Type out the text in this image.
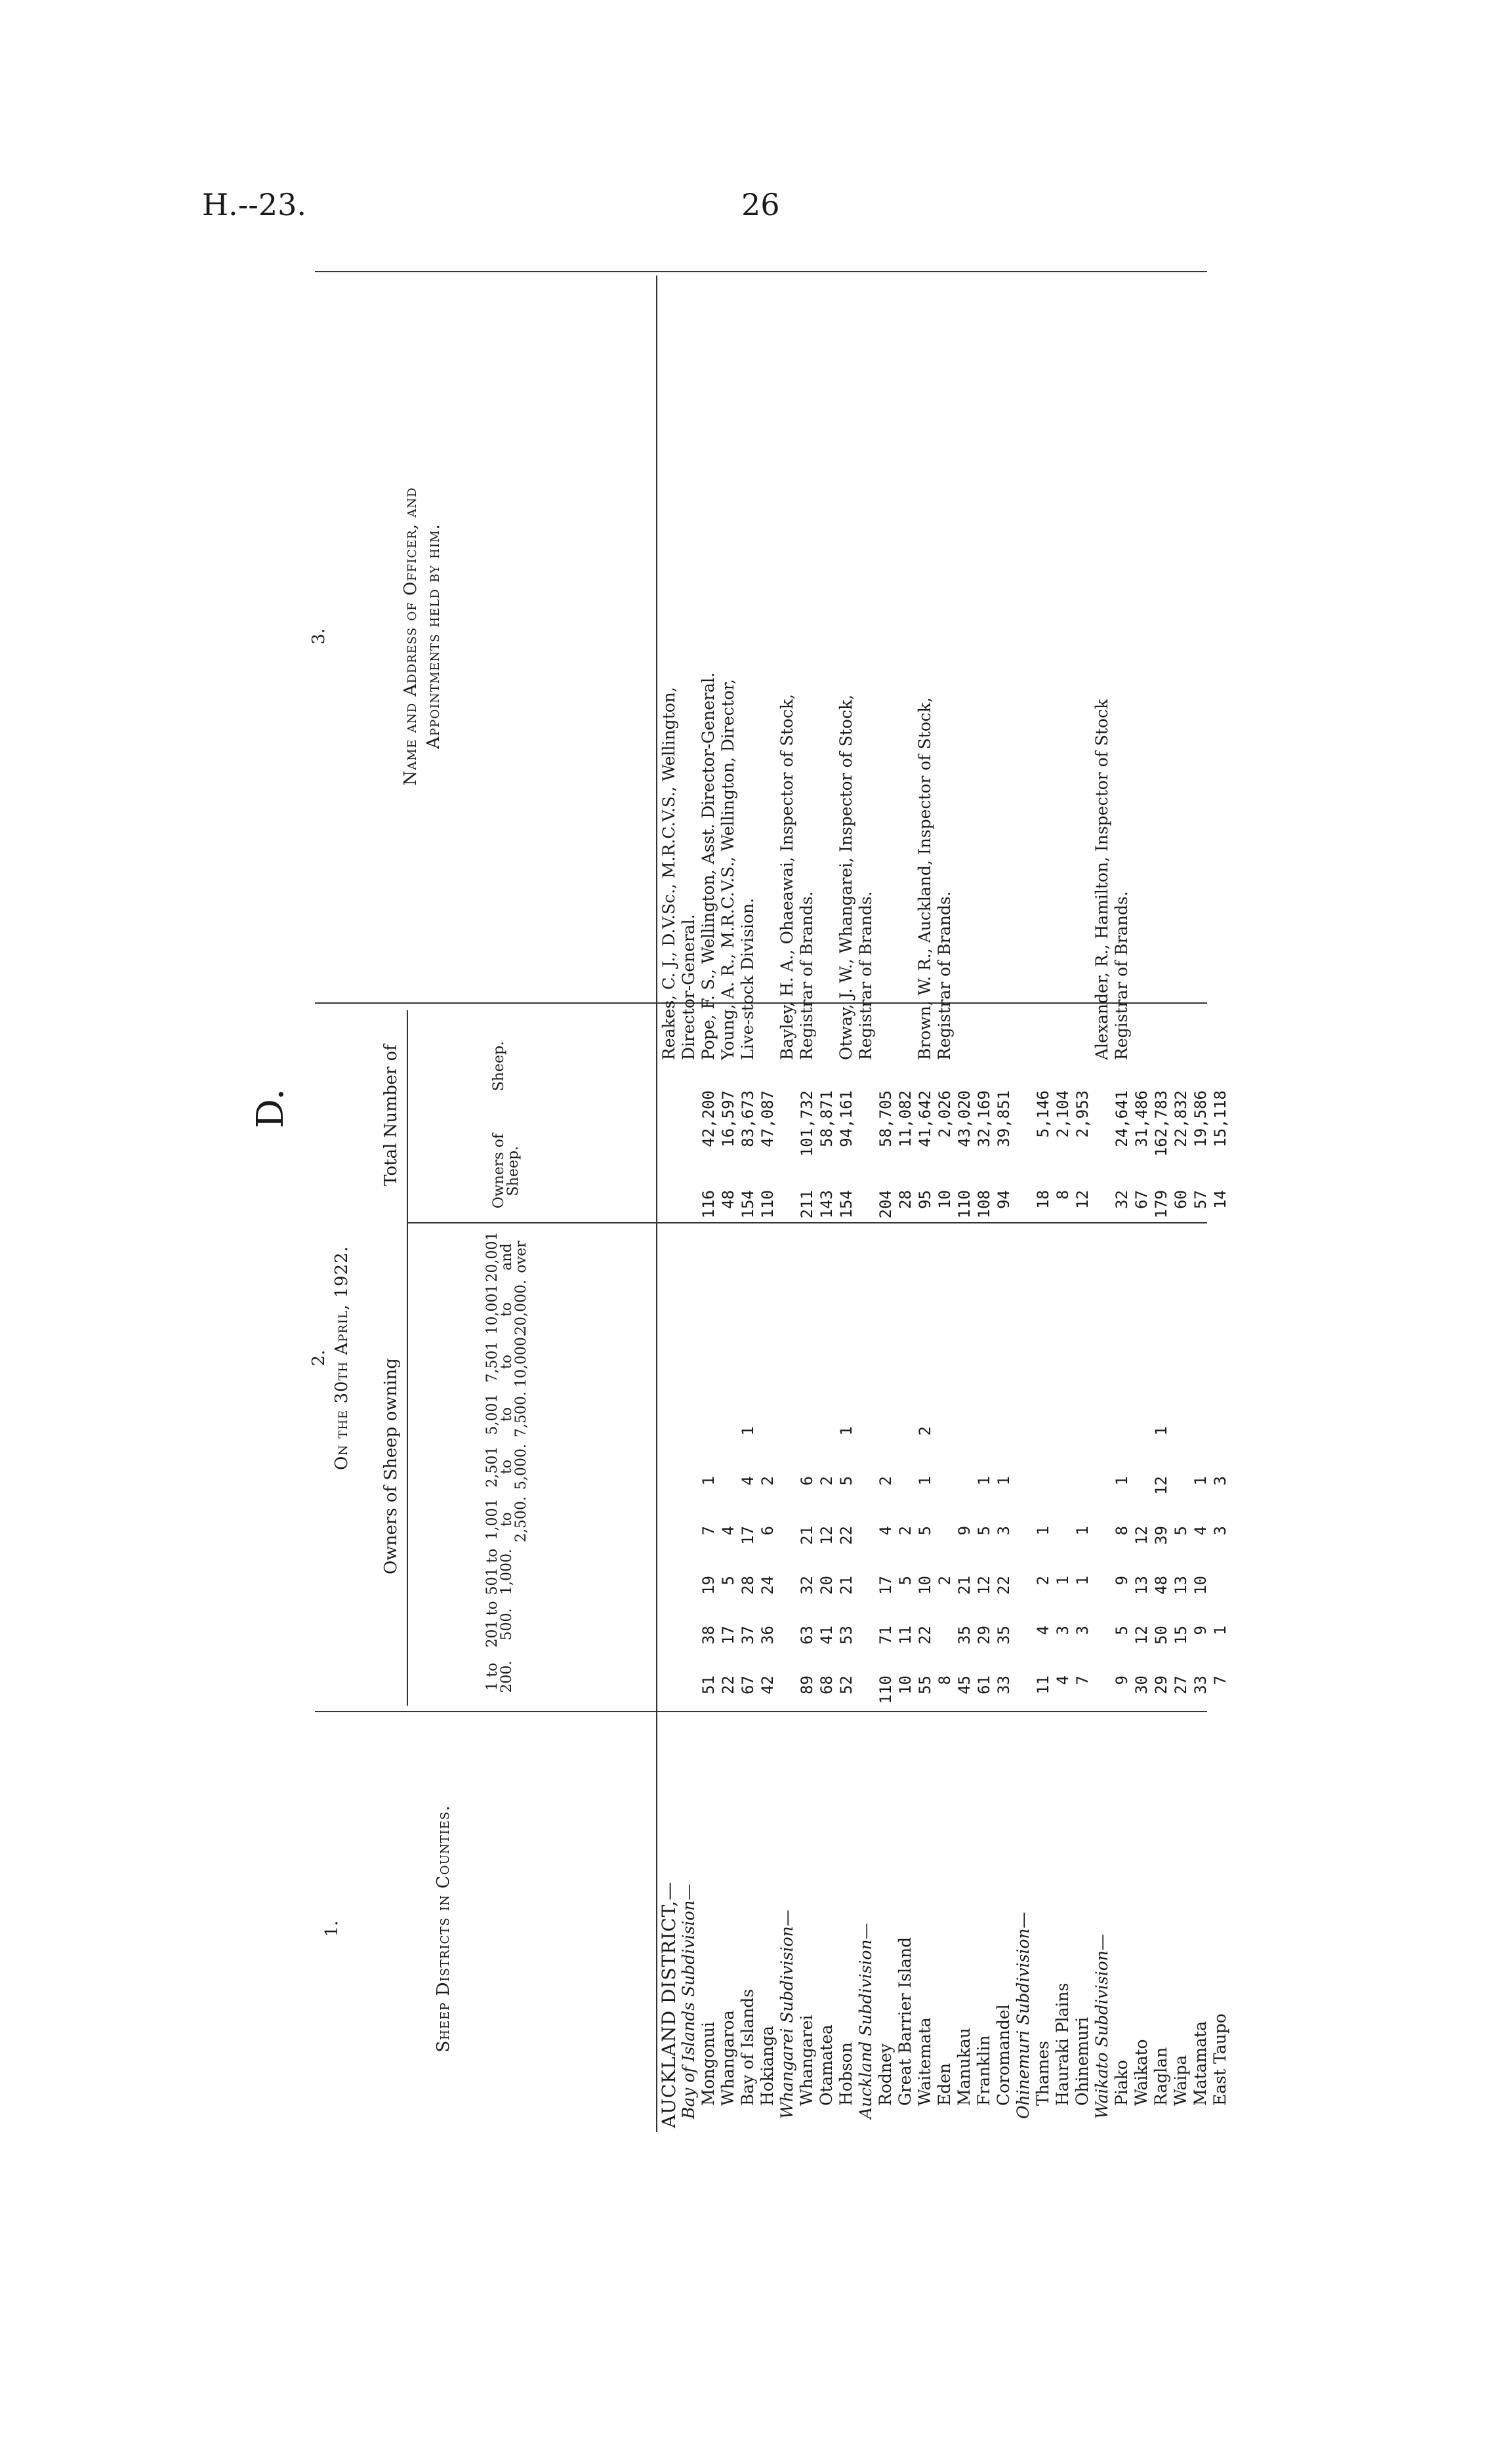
H.--23.	26
D.
1.	Sheep Districts in Counties.
2. On the 30th April, 1922. Owners of Sheep owning
Total Number of
3.	Name and Address of Officer, and Appointments held by him.
1 to 200.
201 to 500.
501 to 1,000.
1,001 to 2,500.
2,501 to 5,000.
5,001 to 7,500.
7,501 to 10,000.
10,001 to 20,000.
20,001 and over
Owners of Sheep.
Sheep.
AUCKLAND DISTRICT,—												Reakes, C. J., D.V.Sc., M.R.C.V.S., Wellington,
Bay of Islands Subdivision—												Director-General.
Mongonui	51	38	19	7	1					116	42,200	Pope, F. S., Wellington, Asst. Director-General.
Whangaroa	22	17	5	4						48	16,597	Young, A. R., M.R.C.V.S., Wellington, Director,
Bay of Islands	67	37	28	17	4	1				154	83,673	Live-stock Division.
Hokianga	42	36	24	6	2					110	47,087	
Whangarei Subdivision—												Bayley, H. A., Ohaeawai, Inspector of Stock,
Whangarei	89	63	32	21	6					211	101,732	Registrar of Brands.
Otamatea	68	41	20	12	2					143	58,871	
Hobson	52	53	21	22	5	1				154	94,161	Otway, J. W., Whangarei, Inspector of Stock,
Auckland Subdivision—												Registrar of Brands.
Rodney	110	71	17	4	2					204	58,705	
Great Barrier Island	10	11	5	2						28	11,082	
Waitemata	55	22	10	5	1	2				95	41,642	Brown, W. R., Auckland, Inspector of Stock,
Eden	8		2							10	2,026	Registrar of Brands.
Manukau	45	35	21	9						110	43,020	
Franklin	61	29	12	5	1					108	32,169	
Coromandel	33	35	22	3	1					94	39,851	
Ohinemuri Subdivision—												
Thames	11	4	2	1						18	5,146	
Hauraki Plains	4	3	1							8	2,104	
Ohinemuri	7	3	1	1						12	2,953	
Waikato Subdivision—												Alexander, R., Hamilton, Inspector of Stock
Piako	9	5	9	8	1					32	24,641	Registrar of Brands.
Waikato	30	12	13	12						67	31,486	
Raglan	29	50	48	39	12	1				179	162,783	
Waipa	27	15	13	5						60	22,832	
Matamata	33	9	10	4	1					57	19,586	
East Taupo	7	1		3	3					14	15,118	
